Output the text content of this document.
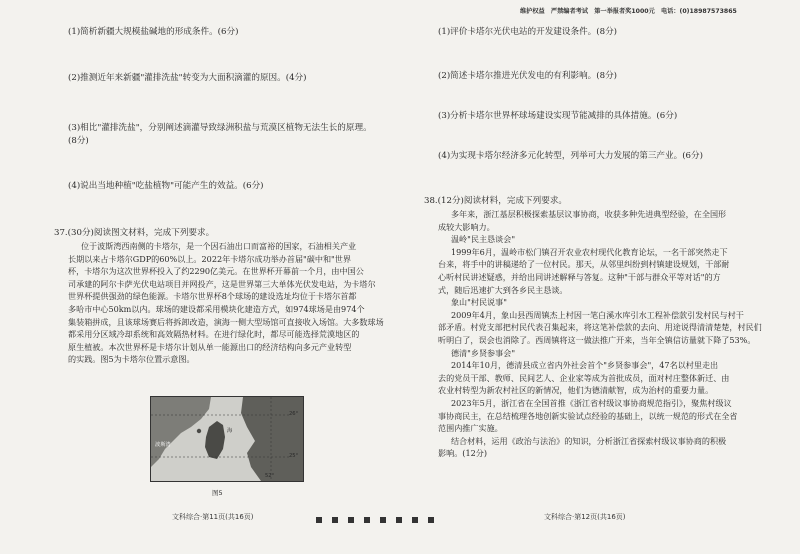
维护权益　严禁编者考试　第一举报者奖1000元　电话：(0)18987573865
(1)简析新疆大规模盐碱地的形成条件。(6分)
(2)推测近年来新疆"灌排洗盐"转变为大面积滴灌的原因。(4分)
(3)相比"灌排洗盐"，分别阐述滴灌导致绿洲积盐与荒漠区植物无法生长的原理。
(8分)
(4)说出当地种植"吃盐植物"可能产生的效益。(6分)
37.(30分)阅读图文材料，完成下列要求。
位于波斯湾西南侧的卡塔尔，是一个因石油出口而富裕的国家，石油相关产业
长期以来占卡塔尔GDP的60%以上。2022年卡塔尔成功举办首届"碳中和"世界
杯，卡塔尔为这次世界杯投入了约2290亿美元。在世界杯开幕前一个月，由中国公
司承建的阿尔卡萨光伏电站项目并网投产，这是世界第三大单体光伏发电站，为卡塔尔
世界杯提供强劲的绿色能源。卡塔尔世界杯8个球场的建设选址均位于卡塔尔首都
多哈市中心50km以内。球场的建设都采用模块化建造方式，如974球场是由974个
集装箱拼成，且该球场赛后将拆卸改造，演海一侧大型场馆可直接收入场馆。大多数球场
都采用分区域冷却系统和高效隔热材料。在进行绿化时，都尽可能选择荒漠地区的
原生植被。本次世界杯是卡塔尔计划从单一能源出口的经济结构向多元产业转型
的实践。图5为卡塔尔位置示意图。
波斯湾
海
26°
25°
52°
图5
文科综合·第11页(共16页)
(1)评价卡塔尔光伏电站的开发建设条件。(8分)
(2)简述卡塔尔推进光伏发电的有利影响。(8分)
(3)分析卡塔尔世界杯球场建设实现节能减排的具体措施。(6分)
(4)为实现卡塔尔经济多元化转型，列举可大力发展的第三产业。(6分)
38.(12分)阅读材料，完成下列要求。
多年来，浙江基层积极探索基层议事协商，收获多种先进典型经验，在全国形
成较大影响力。
温岭"民主恳谈会"
1999年6月，温岭市松门镇召开农业农村现代化教育论坛，一名干部突然走下
台来，将手中的讲稿递给了一位村民。那天，从邻里纠纷到村镇建设规划，干部耐
心听村民讲述疑惑，并给出同讲述解释与答复。这种"干部与群众平等对话"的方
式，随后迅速扩大到各乡民主恳谈。
象山"村民说事"
2009年4月，象山县西周镇杰上村因一笔白溪水库引水工程补偿款引发村民与村干
部矛盾。村党支部把村民代表召集起来，将这笔补偿款的去向、用途说得清清楚楚，村民们
听明白了，误会也消除了。西周镇将这一做法推广开来，当年全镇信访量就下降了53%。
德清"乡贤参事会"
2014年10月，德清县成立省内外社会首个"乡贤参事会"，47名以村里走出
去的党员干部、教师、民间艺人、企业家等成为首批成员，面对村庄整体新迁、由
农业村转型为新农村社区的新情况，他们为德清献智，成为治村的重要力量。
2023年5月，浙江省在全国首推《浙江省村级议事协商规范指引》，聚焦村级议
事协商民主，在总结梳理各地创新实验试点经验的基础上，以统一规范的形式在全省
范围内推广实施。
结合材料，运用《政治与法治》的知识，分析浙江省探索村级议事协商的积极
影响。(12分)
文科综合·第12页(共16页)
